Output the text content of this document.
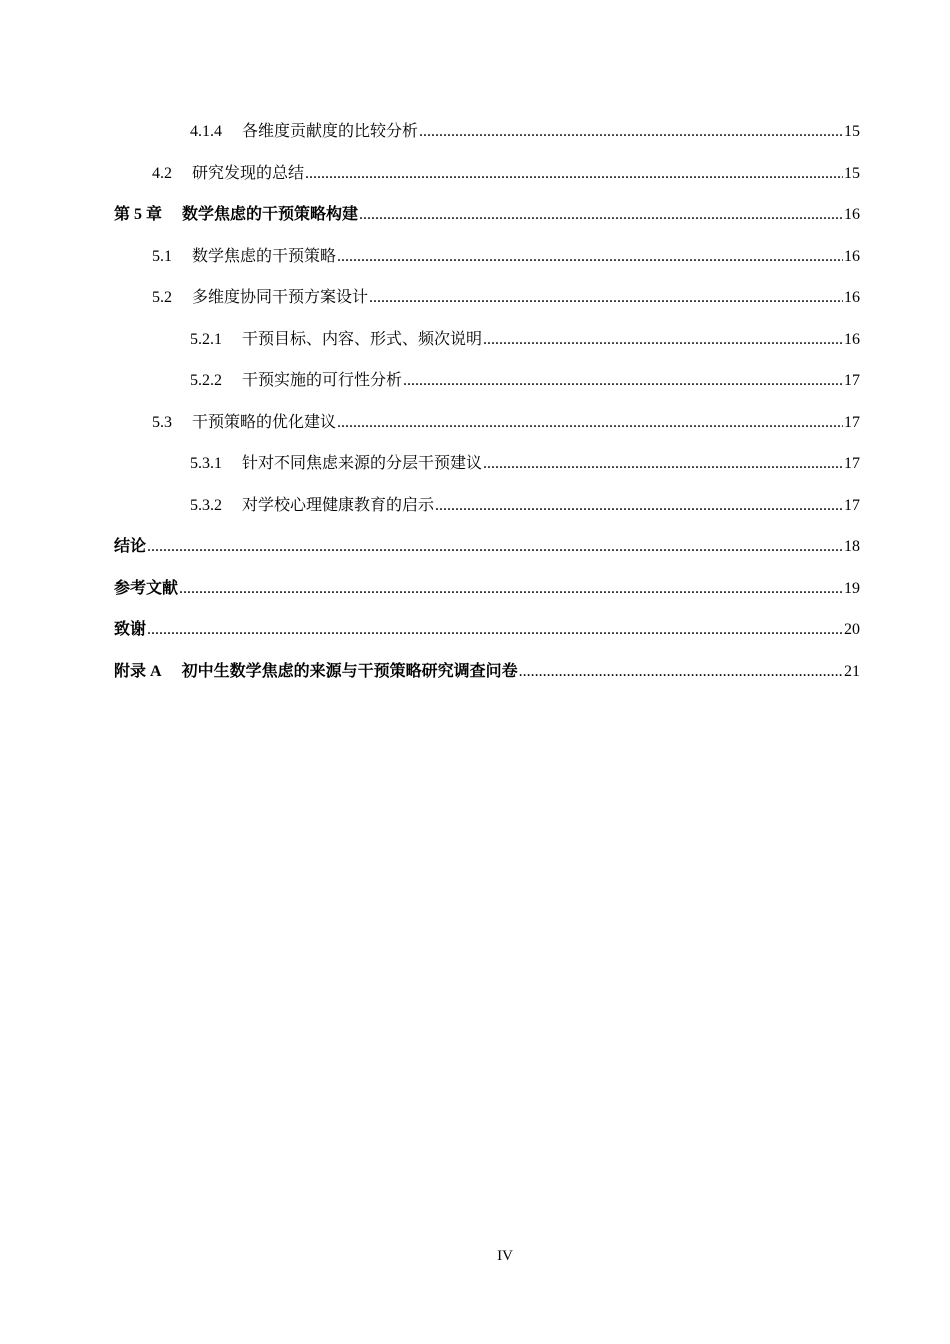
4.1.4 各维度贡献度的比较分析 .....	15
4.2 研究发现的总结 .....	15
第 5 章 数学焦虑的干预策略构建 .....	16
5.1 数学焦虑的干预策略 .....	16
5.2 多维度协同干预方案设计 .....	16
5.2.1 干预目标、内容、形式、频次说明 .....	16
5.2.2 干预实施的可行性分析 .....	17
5.3 干预策略的优化建议 .....	17
5.3.1 针对不同焦虑来源的分层干预建议 .....	17
5.3.2 对学校心理健康教育的启示 .....	17
结论 .....	18
参考文献 .....	19
致谢 .....	20
附录 A 初中生数学焦虑的来源与干预策略研究调查问卷 .....	21
IV
